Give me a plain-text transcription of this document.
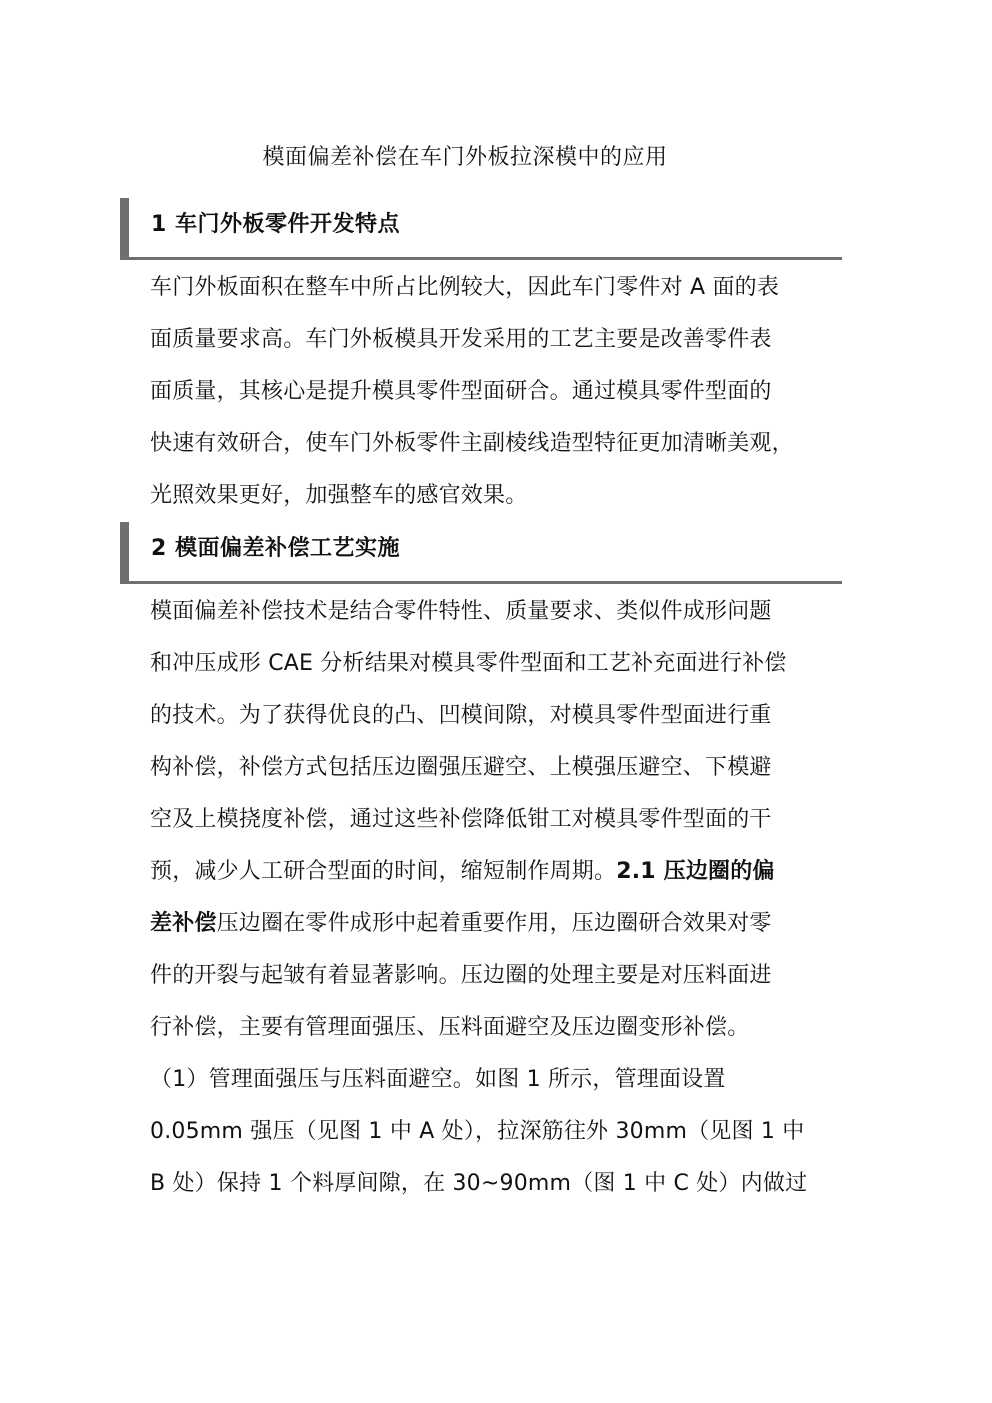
模面偏差补偿在车门外板拉深模中的应用
1 车门外板零件开发特点
车门外板面积在整车中所占比例较大，因此车门零件对 A 面的表
面质量要求高。车门外板模具开发采用的工艺主要是改善零件表
面质量，其核心是提升模具零件型面研合。通过模具零件型面的
快速有效研合，使车门外板零件主副棱线造型特征更加清晰美观，
光照效果更好，加强整车的感官效果。
2 模面偏差补偿工艺实施
模面偏差补偿技术是结合零件特性、质量要求、类似件成形问题
和冲压成形 CAE 分析结果对模具零件型面和工艺补充面进行补偿
的技术。为了获得优良的凸、凹模间隙，对模具零件型面进行重
构补偿，补偿方式包括压边圈强压避空、上模强压避空、下模避
空及上模挠度补偿，通过这些补偿降低钳工对模具零件型面的干
预，减少人工研合型面的时间，缩短制作周期。2.1 压边圈的偏
差补偿压边圈在零件成形中起着重要作用，压边圈研合效果对零
件的开裂与起皱有着显著影响。压边圈的处理主要是对压料面进
行补偿，主要有管理面强压、压料面避空及压边圈变形补偿。
（1）管理面强压与压料面避空。如图 1 所示，管理面设置
0.05mm 强压（见图 1 中 A 处），拉深筋往外 30mm（见图 1 中
B 处）保持 1 个料厚间隙，在 30~90mm（图 1 中 C 处）内做过
